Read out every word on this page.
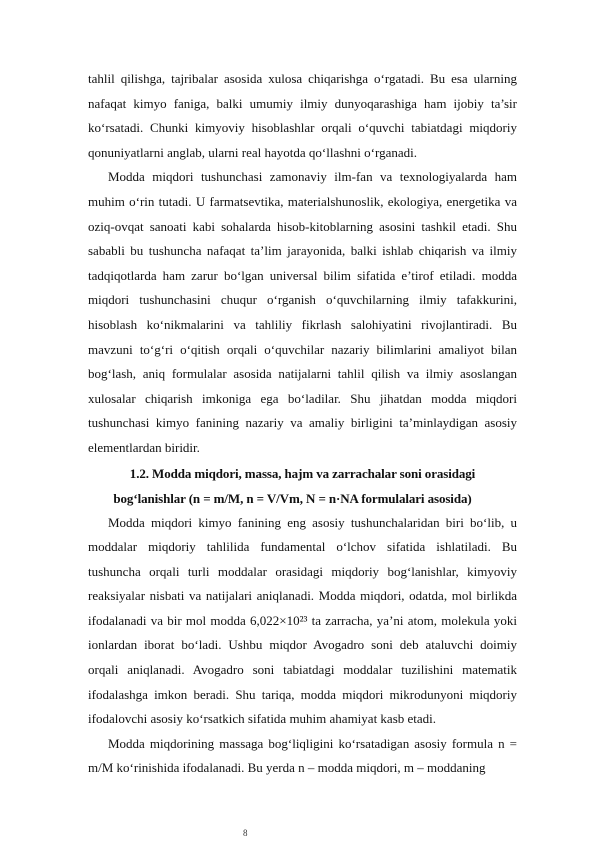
tahlil qilishga, tajribalar asosida xulosa chiqarishga o‘rgatadi. Bu esa ularning nafaqat kimyo faniga, balki umumiy ilmiy dunyoqarashiga ham ijobiy ta’sir ko‘rsatadi. Chunki kimyoviy hisoblashlar orqali o‘quvchi tabiatdagi miqdoriy qonuniyatlarni anglab, ularni real hayotda qo‘llashni o‘rganadi.

Modda miqdori tushunchasi zamonaviy ilm-fan va texnologiyalarda ham muhim o‘rin tutadi. U farmatsevtika, materialshunoslik, ekologiya, energetika va oziq-ovqat sanoati kabi sohalarda hisob-kitoblarning asosini tashkil etadi. Shu sababli bu tushuncha nafaqat ta’lim jarayonida, balki ishlab chiqarish va ilmiy tadqiqotlarda ham zarur bo‘lgan universal bilim sifatida e’tirof etiladi. modda miqdori tushunchasini chuqur o‘rganish o‘quvchilarning ilmiy tafakkurini, hisoblash ko‘nikmalarini va tahliliy fikrlash salohiyatini rivojlantiradi. Bu mavzuni to‘g‘ri o‘qitish orqali o‘quvchilar nazariy bilimlarini amaliyot bilan bog‘lash, aniq formulalar asosida natijalarni tahlil qilish va ilmiy asoslangan xulosalar chiqarish imkoniga ega bo‘ladilar. Shu jihatdan modda miqdori tushunchasi kimyo fanining nazariy va amaliy birligini ta’minlaydigan asosiy elementlardan biridir.

1.2. Modda miqdori, massa, hajm va zarrachalar soni orasidagi
bog‘lanishlar (n = m/M, n = V/Vm, N = n·NA formulalari asosida)

Modda miqdori kimyo fanining eng asosiy tushunchalaridan biri bo‘lib, u moddalar miqdoriy tahlilida fundamental o‘lchov sifatida ishlatiladi. Bu tushuncha orqali turli moddalar orasidagi miqdoriy bog‘lanishlar, kimyoviy reaksiyalar nisbati va natijalari aniqlanadi. Modda miqdori, odatda, mol birlikda ifodalanadi va bir mol modda 6,022×10²³ ta zarracha, ya’ni atom, molekula yoki ionlardan iborat bo‘ladi. Ushbu miqdor Avogadro soni deb ataluvchi doimiy orqali aniqlanadi. Avogadro soni tabiatdagi moddalar tuzilishini matematik ifodalashga imkon beradi. Shu tariqa, modda miqdori mikrodunyoni miqdoriy ifodalovchi asosiy ko‘rsatkich sifatida muhim ahamiyat kasb etadi.

Modda miqdorining massaga bog‘liqligini ko‘rsatadigan asosiy formula n = m/M ko‘rinishida ifodalanadi. Bu yerda n – modda miqdori, m – moddaning

8
